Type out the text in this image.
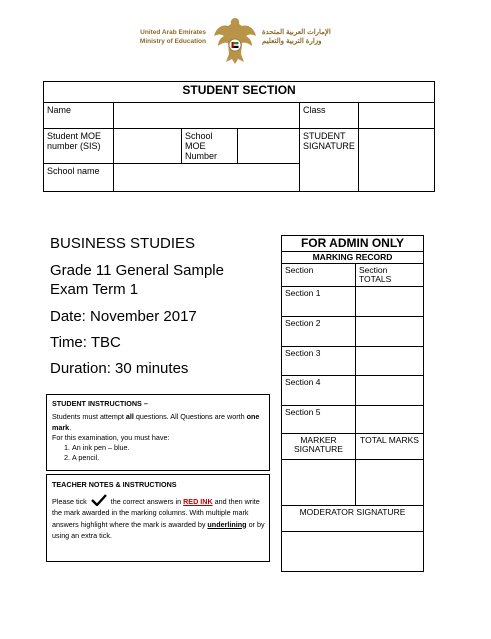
United Arab Emirates
Ministry of Education
الإمارات العربية المتحدة
وزارة التربية والتعليم
STUDENT SECTION					
Name				Class	
Student MOE number (SIS)		School MOE Number		STUDENT SIGNATURE	
School name					
BUSINESS STUDIES
Grade 11 General Sample
Exam Term 1
Date: November 2017
Time: TBC
Duration: 30 minutes
STUDENT INSTRUCTIONS –
Students must attempt all questions. All Questions are worth one mark.
For this examination, you must have:
1. An ink pen – blue.
2. A pencil.
TEACHER NOTES & INSTRUCTIONS
Please tick	the correct answers in RED INK and then write the mark awarded in the marking columns. With multiple mark answers highlight where the mark is awarded by underlining or by using an extra tick.
FOR ADMIN ONLY	
MARKING RECORD	
Section	Section TOTALS
Section 1	
Section 2	
Section 3	
Section 4	
Section 5	
MARKER SIGNATURE	TOTAL MARKS

MODERATOR SIGNATURE	
